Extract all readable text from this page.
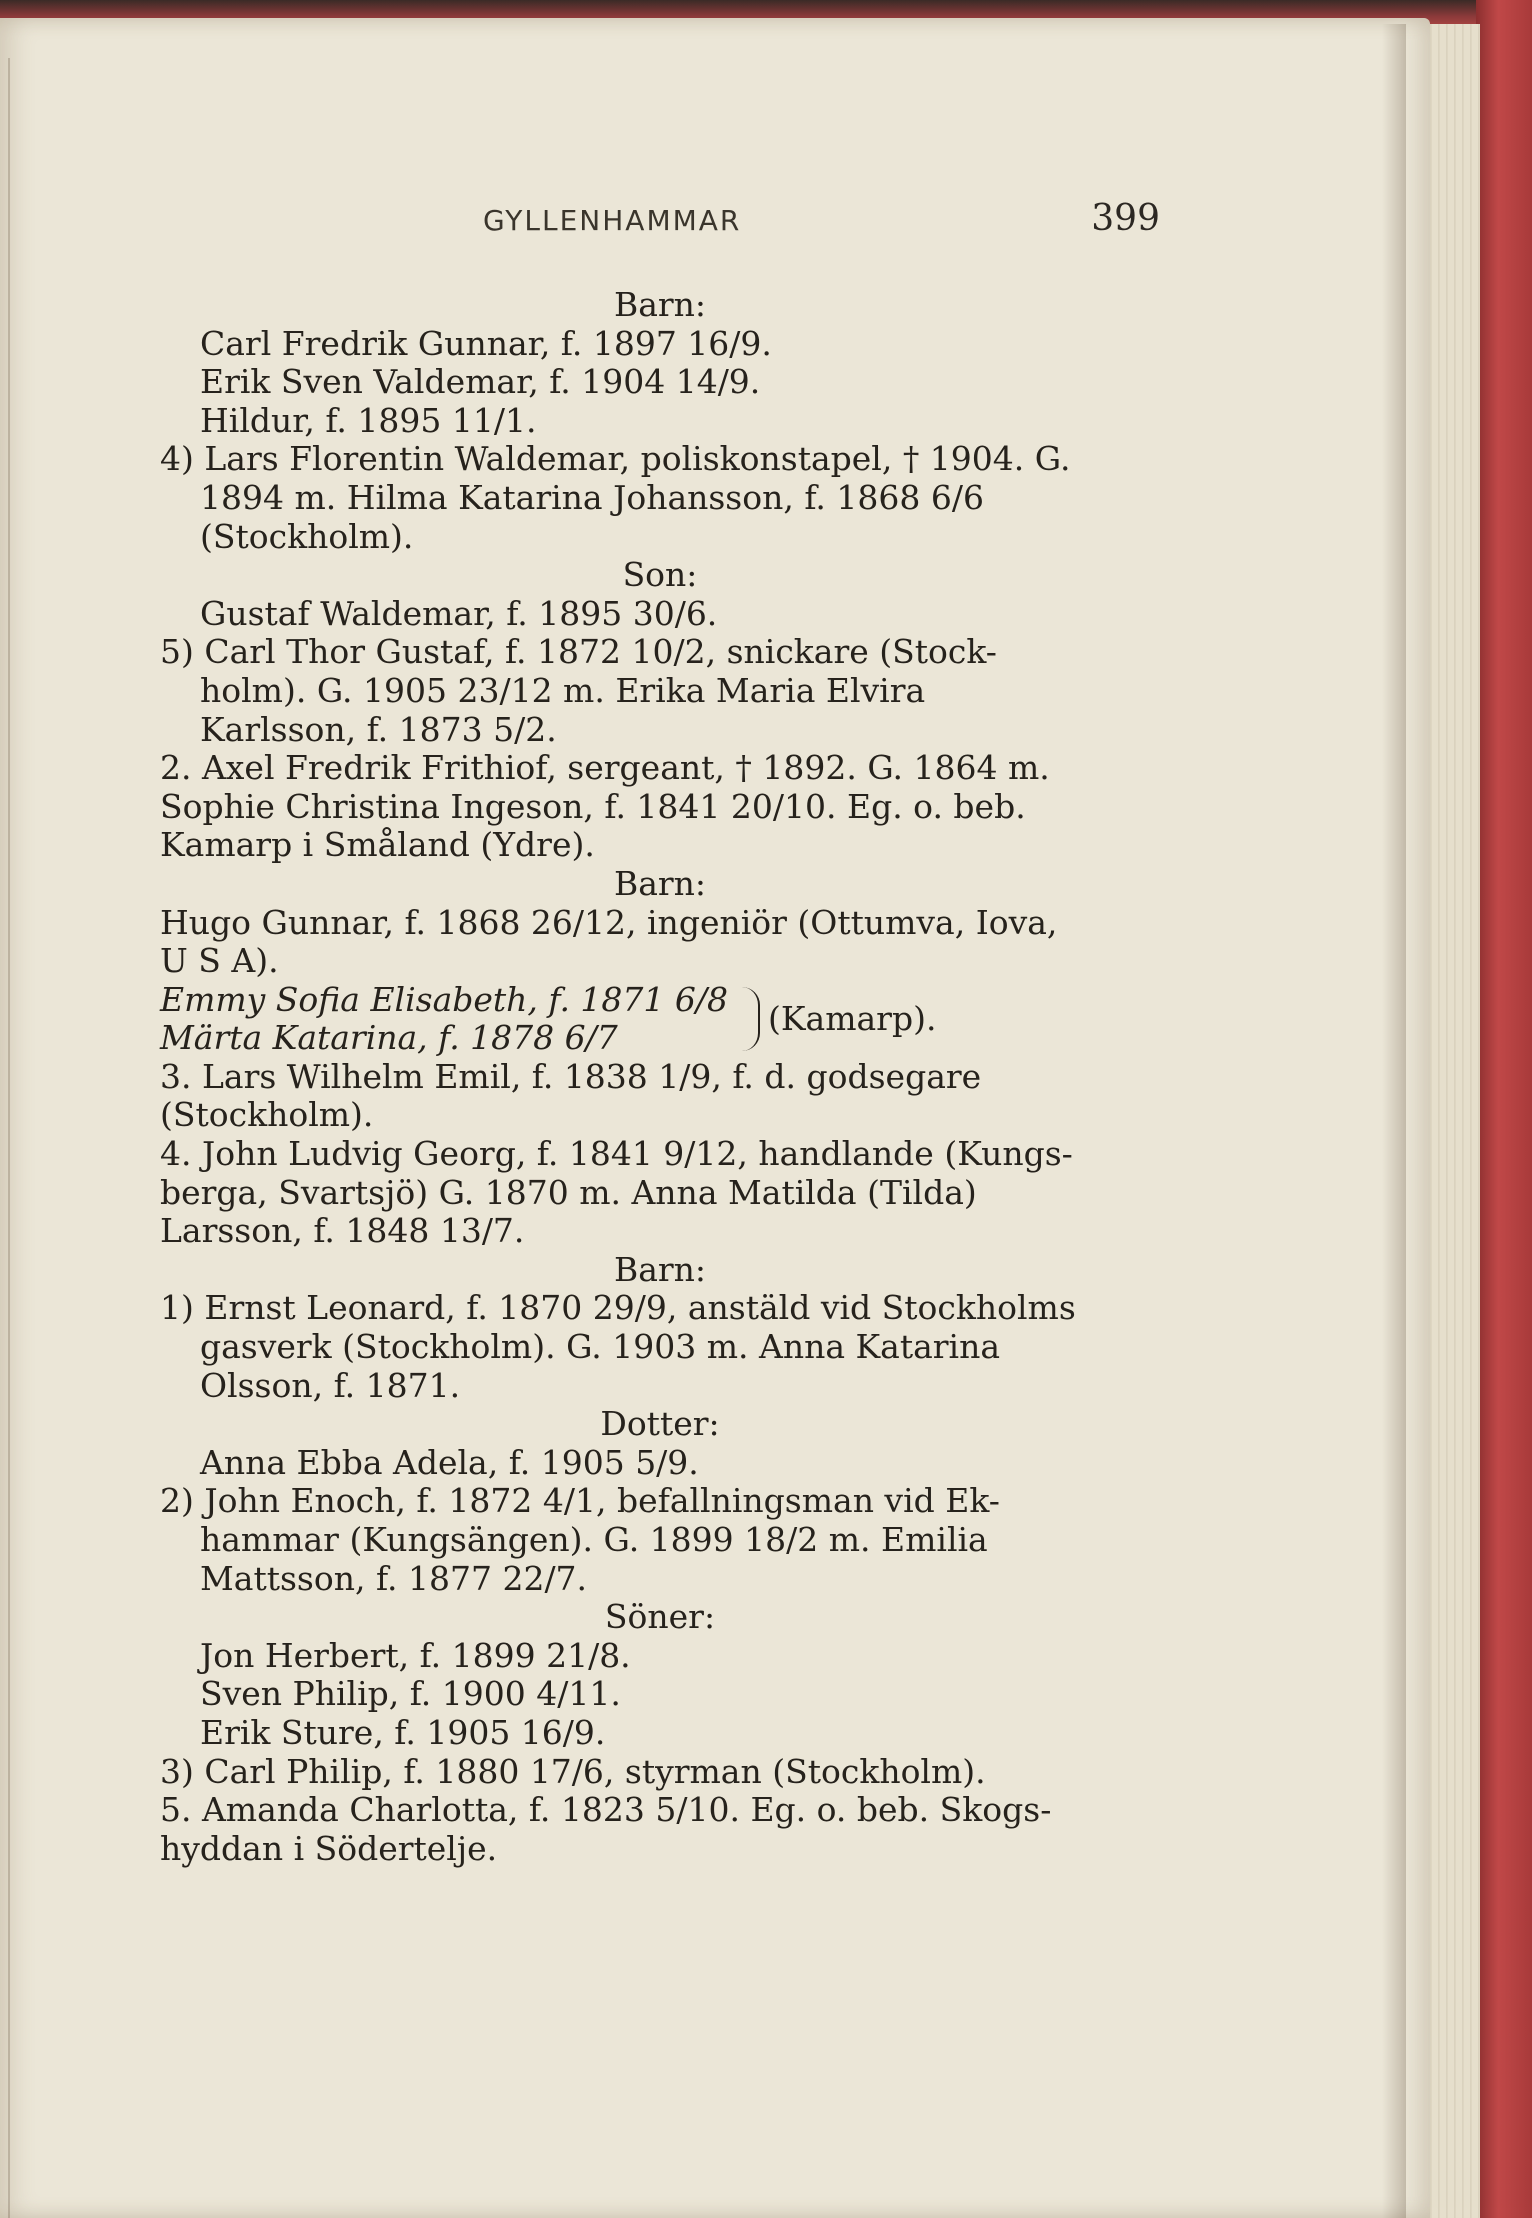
GYLLENHAMMAR	399
Barn:
Carl Fredrik Gunnar, f. 1897 16/9.
Erik Sven Valdemar, f. 1904 14/9.
Hildur, f. 1895 11/1.
4) Lars Florentin Waldemar, poliskonstapel, † 1904. G.
1894 m. Hilma Katarina Johansson, f. 1868 6/6
(Stockholm).
Son:
Gustaf Waldemar, f. 1895 30/6.
5) Carl Thor Gustaf, f. 1872 10/2, snickare (Stock-
holm). G. 1905 23/12 m. Erika Maria Elvira
Karlsson, f. 1873 5/2.
2. Axel Fredrik Frithiof, sergeant, † 1892. G. 1864 m.
Sophie Christina Ingeson, f. 1841 20/10. Eg. o. beb.
Kamarp i Småland (Ydre).
Barn:
Hugo Gunnar, f. 1868 26/12, ingeniör (Ottumva, Iova,
U S A).
Emmy Sofia Elisabeth, f. 1871 6/8
Märta Katarina, f. 1878 6/7
(Kamarp).
3. Lars Wilhelm Emil, f. 1838 1/9, f. d. godsegare
(Stockholm).
4. John Ludvig Georg, f. 1841 9/12, handlande (Kungs-
berga, Svartsjö) G. 1870 m. Anna Matilda (Tilda)
Larsson, f. 1848 13/7.
Barn:
1) Ernst Leonard, f. 1870 29/9, anstäld vid Stockholms
gasverk (Stockholm). G. 1903 m. Anna Katarina
Olsson, f. 1871.
Dotter:
Anna Ebba Adela, f. 1905 5/9.
2) John Enoch, f. 1872 4/1, befallningsman vid Ek-
hammar (Kungsängen). G. 1899 18/2 m. Emilia
Mattsson, f. 1877 22/7.
Söner:
Jon Herbert, f. 1899 21/8.
Sven Philip, f. 1900 4/11.
Erik Sture, f. 1905 16/9.
3) Carl Philip, f. 1880 17/6, styrman (Stockholm).
5. Amanda Charlotta, f. 1823 5/10. Eg. o. beb. Skogs-
hyddan i Södertelje.
